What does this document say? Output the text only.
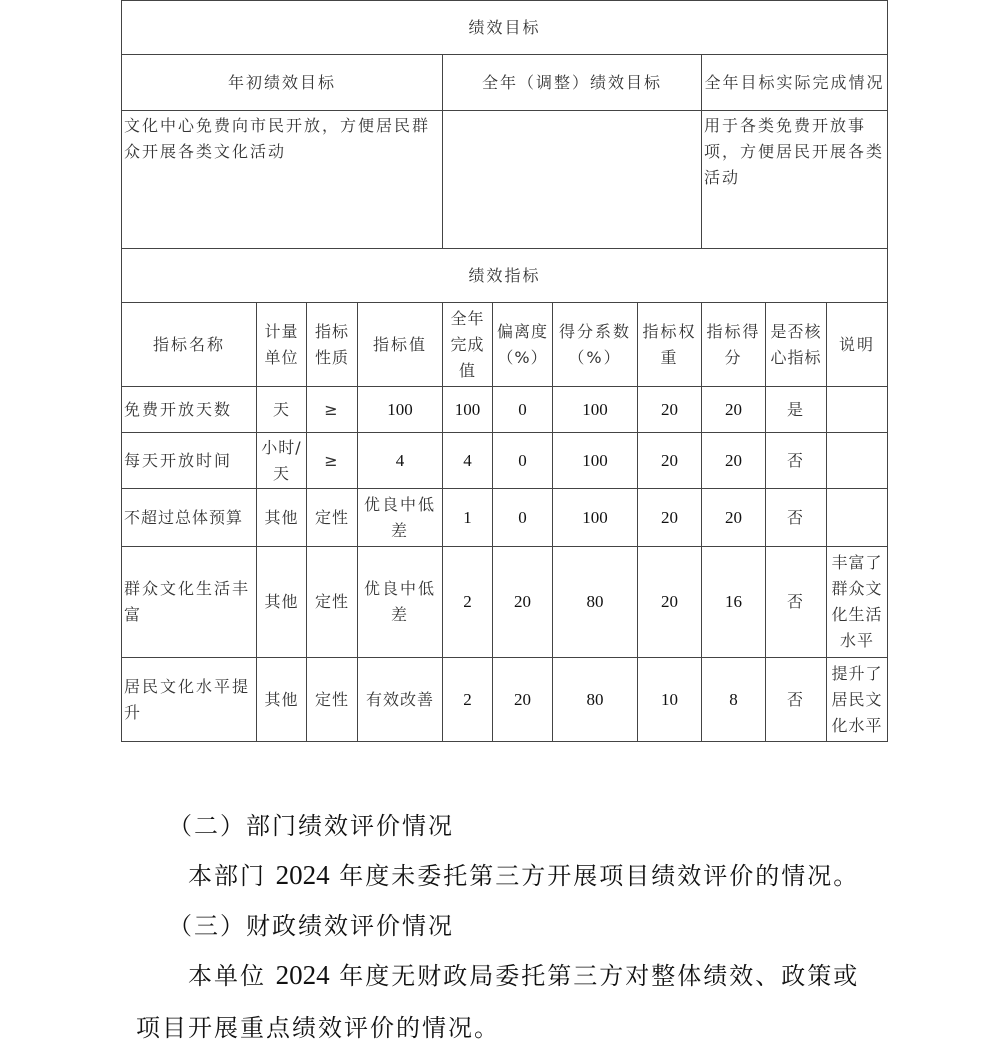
绩效目标										
年初绩效目标				全年（调整）绩效目标				全年目标实际完成情况		
文化中心免费向市民开放，方便居民群众开展各类文化活动								用于各类免费开放事项，方便居民开展各类活动		
绩效指标										
指标名称	计量单位	指标性质	指标值	全年完成值	偏离度（%）	得分系数（%）	指标权重	指标得分	是否核心指标	说明
免费开放天数	天	≥	100	100	0	100	20	20	是	
每天开放时间	小时/天	≥	4	4	0	100	20	20	否	
不超过总体预算	其他	定性	优良中低差	1	0	100	20	20	否	
群众文化生活丰富	其他	定性	优良中低差	2	20	80	20	16	否	丰富了群众文化生活水平
居民文化水平提升	其他	定性	有效改善	2	20	80	10	8	否	提升了居民文化水平
（二）部门绩效评价情况
本部门 2024 年度未委托第三方开展项目绩效评价的情况。
（三）财政绩效评价情况
本单位 2024 年度无财政局委托第三方对整体绩效、政策或
项目开展重点绩效评价的情况。
